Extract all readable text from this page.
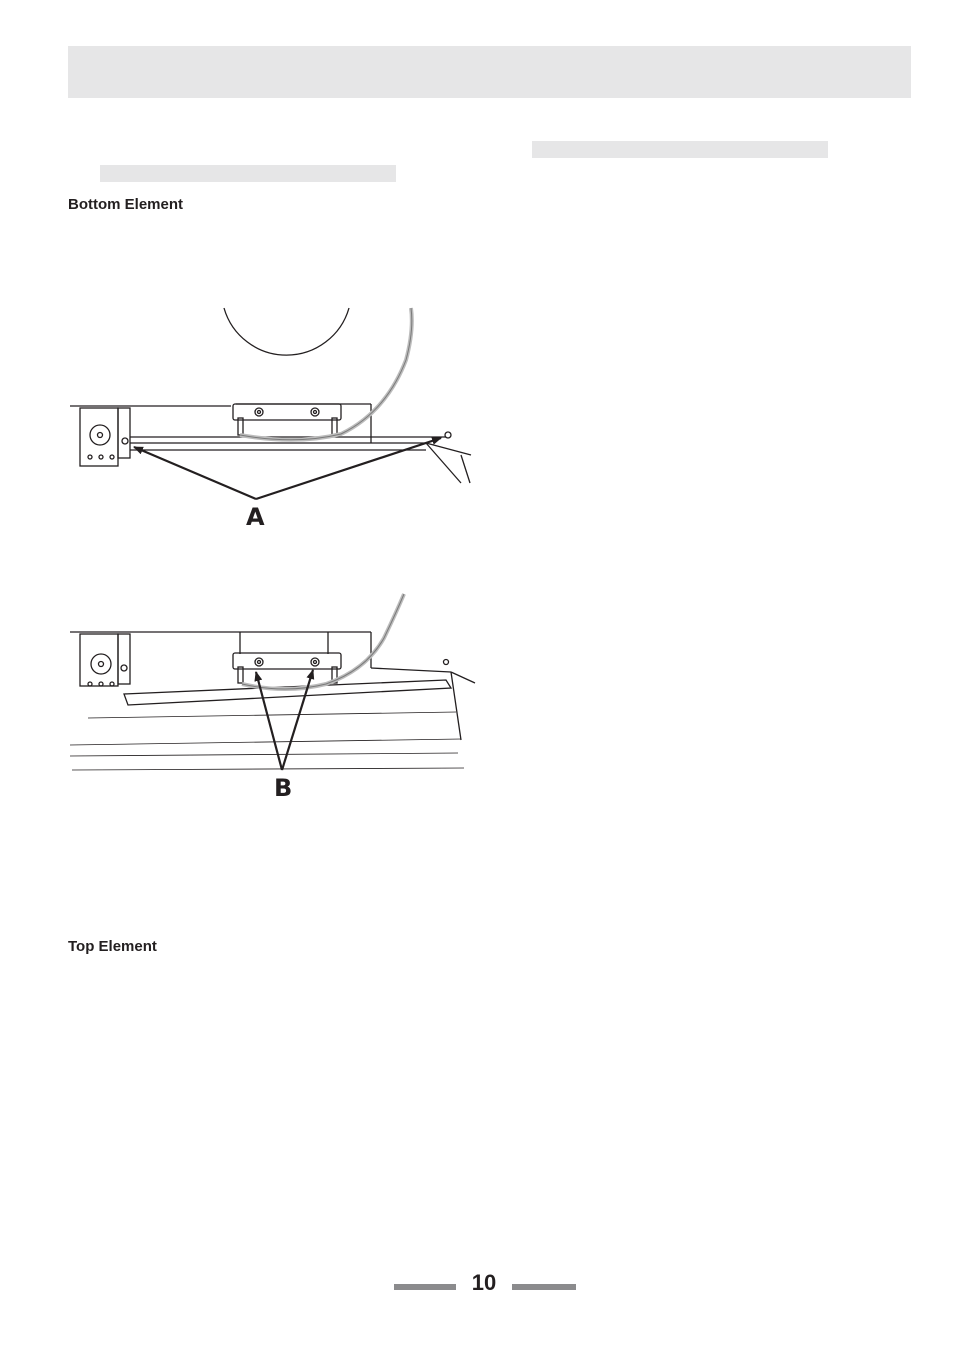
Bottom Element
A
B
Top Element
10
